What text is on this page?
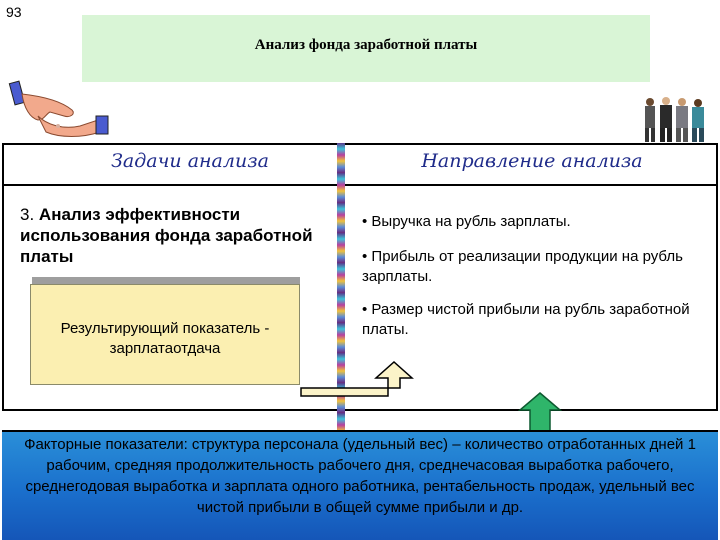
93
Анализ фонда заработной платы
Задачи анализа	Направление анализа
3. Анализ эффективности использования фонда заработной платы
Результирующий показатель -
зарплатаотдача
• Выручка на рубль зарплаты.
• Прибыль от реализации продукции на рубль зарплаты.
• Размер чистой прибыли на рубль заработной платы.
Факторные показатели: структура персонала (удельный вес) – количество отработанных дней 1 рабочим, средняя продолжительность рабочего дня, среднечасовая выработка рабочего, среднегодовая выработка и зарплата одного работника, рентабельность продаж, удельный вес чистой прибыли в общей сумме прибыли и др.
